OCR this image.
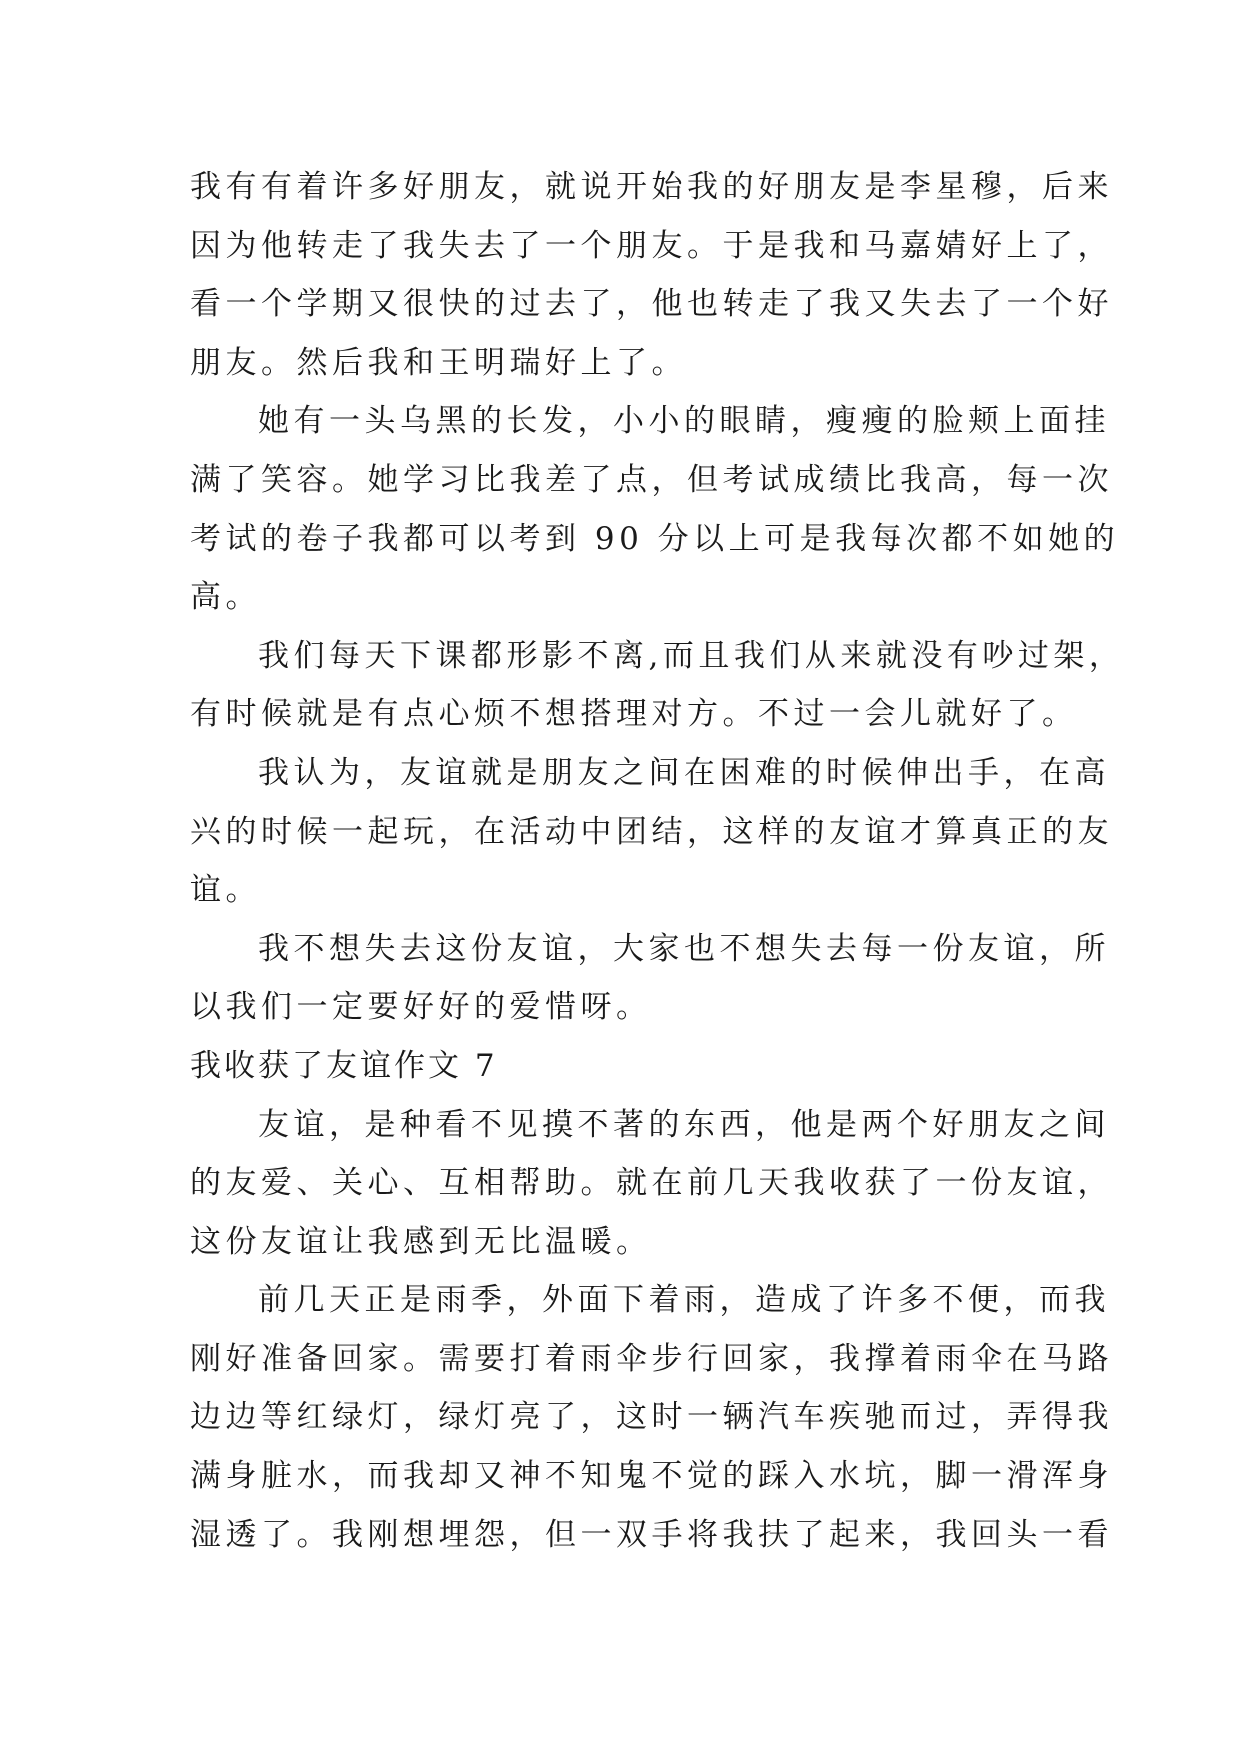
我有有着许多好朋友，就说开始我的好朋友是李星穆，后来
因为他转走了我失去了一个朋友。于是我和马嘉婧好上了，
看一个学期又很快的过去了，他也转走了我又失去了一个好
朋友。然后我和王明瑞好上了。
她有一头乌黑的长发，小小的眼睛，瘦瘦的脸颊上面挂
满了笑容。她学习比我差了点，但考试成绩比我高，每一次
考试的卷子我都可以考到 90 分以上可是我每次都不如她的
高。
我们每天下课都形影不离,而且我们从来就没有吵过架，
有时候就是有点心烦不想搭理对方。不过一会儿就好了。
我认为，友谊就是朋友之间在困难的时候伸出手，在高
兴的时候一起玩，在活动中团结，这样的友谊才算真正的友
谊。
我不想失去这份友谊，大家也不想失去每一份友谊，所
以我们一定要好好的爱惜呀。
我收获了友谊作文 7
友谊，是种看不见摸不著的东西，他是两个好朋友之间
的友爱、关心、互相帮助。就在前几天我收获了一份友谊，
这份友谊让我感到无比温暖。
前几天正是雨季，外面下着雨，造成了许多不便，而我
刚好准备回家。需要打着雨伞步行回家，我撑着雨伞在马路
边边等红绿灯，绿灯亮了，这时一辆汽车疾驰而过，弄得我
满身脏水，而我却又神不知鬼不觉的踩入水坑，脚一滑浑身
湿透了。我刚想埋怨，但一双手将我扶了起来，我回头一看
